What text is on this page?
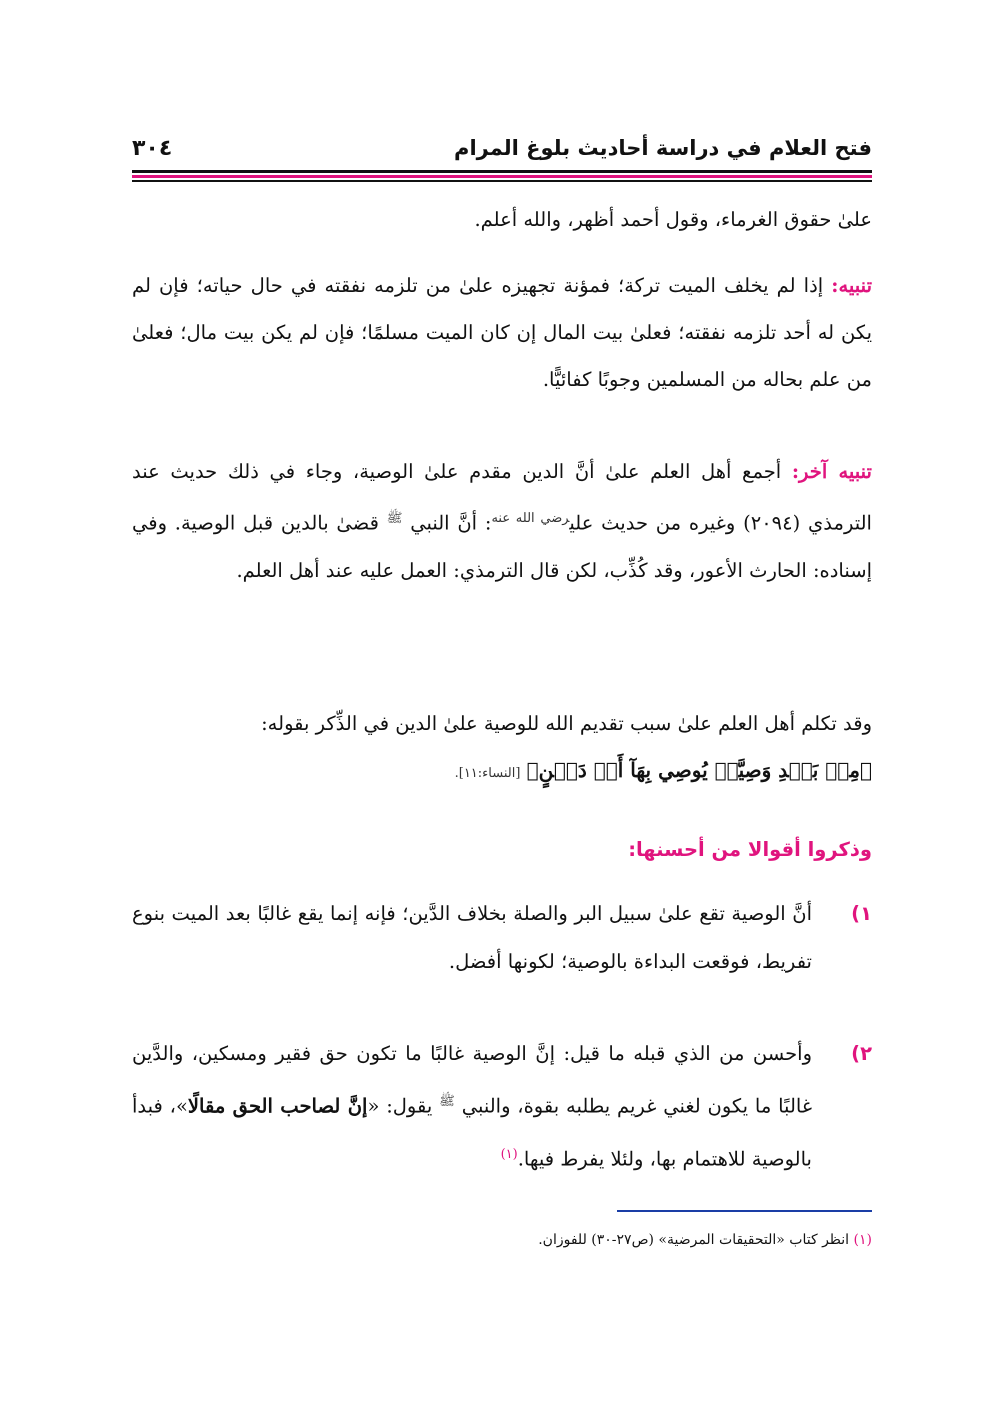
فتح العلام في دراسة أحاديث بلوغ المرام
٣٠٤
علىٰ حقوق الغرماء، وقول أحمد أظهر، والله أعلم.
تنبيه: إذا لم يخلف الميت تركة؛ فمؤنة تجهيزه علىٰ من تلزمه نفقته في حال حياته؛ فإن لم يكن له أحد تلزمه نفقته؛ فعلىٰ بيت المال إن كان الميت مسلمًا؛ فإن لم يكن بيت مال؛ فعلىٰ من علم بحاله من المسلمين وجوبًا كفائيًّا.
تنبيه آخر: أجمع أهل العلم علىٰ أنَّ الدين مقدم علىٰ الوصية، وجاء في ذلك حديث عند الترمذي (٢٠٩٤) وغيره من حديث علي$^{رضي الله عنه}$: أنَّ النبي $^ﷺ$ قضىٰ بالدين قبل الوصية. وفي إسناده: الحارث الأعور، وقد كُذِّب، لكن قال الترمذي: العمل عليه عند أهل العلم.
وقد تكلم أهل العلم علىٰ سبب تقديم الله للوصية علىٰ الدين في الذِّكر بقوله:
﴿مِنۢ بَعۡدِ وَصِيَّةٖ يُوصِي بِهَآ أَوۡ دَيۡنٍ﴾ [النساء:١١].
وذكروا أقوالا من أحسنها:
١)
أنَّ الوصية تقع علىٰ سبيل البر والصلة بخلاف الدَّين؛ فإنه إنما يقع غالبًا بعد الميت بنوع تفريط، فوقعت البداءة بالوصية؛ لكونها أفضل.
٢)
وأحسن من الذي قبله ما قيل: إنَّ الوصية غالبًا ما تكون حق فقير ومسكين، والدَّين غالبًا ما يكون لغني غريم يطلبه بقوة، والنبي $^ﷺ$ يقول: «إنَّ لصاحب الحق مقالًا»، فبدأ بالوصية للاهتمام بها، ولئلا يفرط فيها.$^{(١)}$
(١) انظر كتاب «التحقيقات المرضية» (ص٢٧-٣٠) للفوزان.
